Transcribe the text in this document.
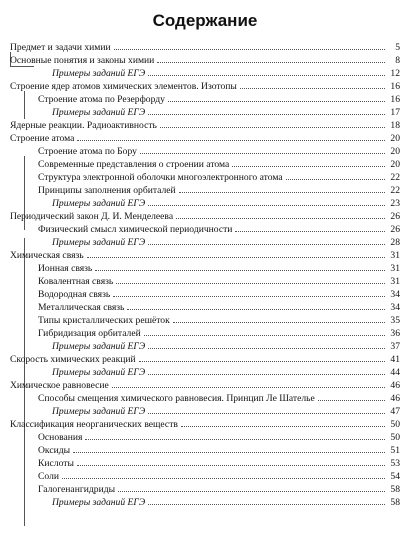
Содержание
Предмет и задачи химии	5
Основные понятия и законы химии	8
Примеры заданий ЕГЭ	12
Строение ядер атомов химических элементов. Изотопы	16
Строение атома по Резерфорду	16
Примеры заданий ЕГЭ	17
Ядерные реакции. Радиоактивность	18
Строение атома	20
Строение атома по Бору	20
Современные представления о строении атома	20
Структура электронной оболочки многоэлектронного атома	22
Принципы заполнения орбиталей	22
Примеры заданий ЕГЭ	23
Периодический закон Д. И. Менделеева	26
Физический смысл химической периодичности	26
Примеры заданий ЕГЭ	28
Химическая связь	31
Ионная связь	31
Ковалентная связь	31
Водородная связь	34
Металлическая связь	34
Типы кристаллических решёток	35
Гибридизация орбиталей	36
Примеры заданий ЕГЭ	37
Скорость химических реакций	41
Примеры заданий ЕГЭ	44
Химическое равновесие	46
Способы смещения химического равновесия. Принцип Ле Шателье	46
Примеры заданий ЕГЭ	47
Классификация неорганических веществ	50
Основания	50
Оксиды	51
Кислоты	53
Соли	54
Галогенангидриды	58
Примеры заданий ЕГЭ	58
